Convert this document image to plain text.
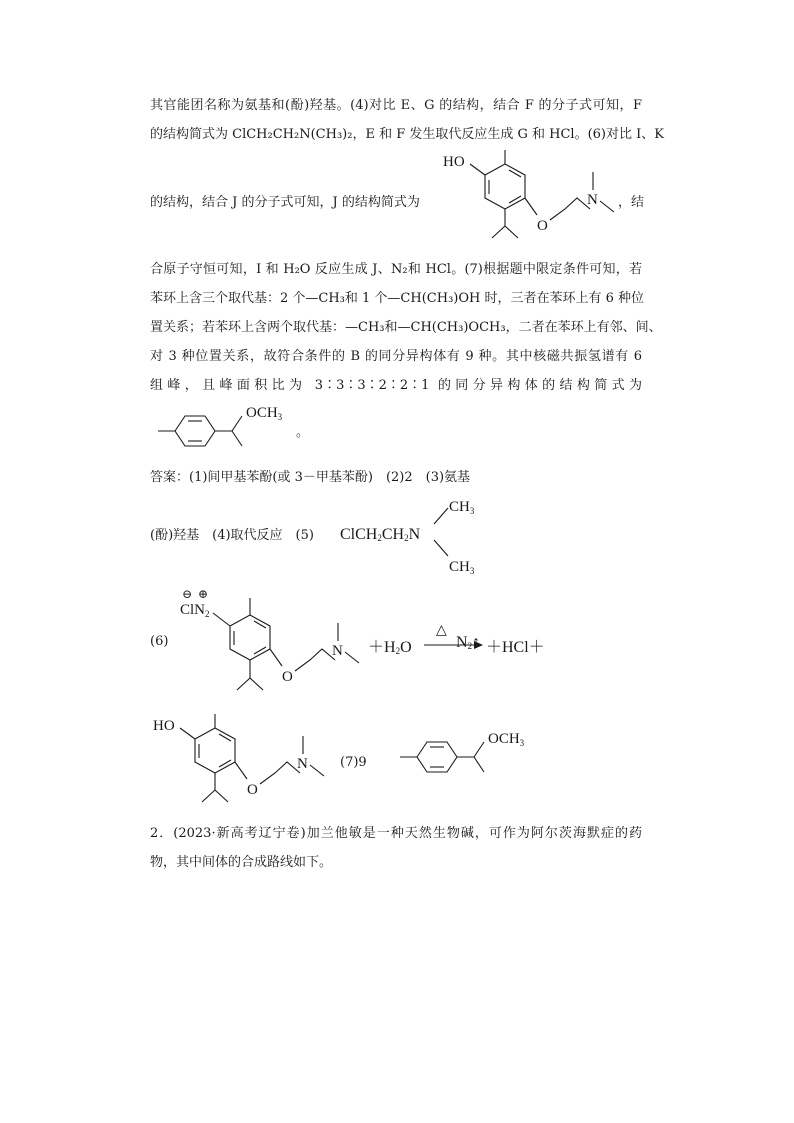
其官能团名称为氨基和(酚)羟基。(4)对比 E、G 的结构，结合 F 的分子式可知，F
的结构简式为 ClCH₂CH₂N(CH₃)₂，E 和 F 发生取代反应生成 G 和 HCl。(6)对比 I、K
的结构，结合 J 的分子式可知，J 的结构简式为	，结
HO
O
N
合原子守恒可知，I 和 H₂O 反应生成 J、N₂和 HCl。(7)根据题中限定条件可知，若
苯环上含三个取代基：2 个—CH₃和 1 个—CH(CH₃)OH 时，三者在苯环上有 6 种位
置关系；若苯环上含两个取代基：—CH₃和—CH(CH₃)OCH₃，二者在苯环上有邻、间、
对 3 种位置关系，故符合条件的 B 的同分异构体有 9 种。其中核磁共振氢谱有 6
组峰，且峰面积比为 3∶3∶3∶2∶2∶1 的同分异构体的结构简式为
$OCH_3$
。
答案：(1)间甲基苯酚(或 3－甲基苯酚)　(2)2　(3)氨基
(酚)羟基　(4)取代反应　(5) $ClCH_2CH_2N$
$CH_3$
$CH_3$
(6)
⊖ ⊕
ClN$_2$
O
$N +H_2O$
△
$N_2↑ +HCl+$
HO
O
N (7)9
$OCH_3$
2．(2023·新高考辽宁卷)加兰他敏是一种天然生物碱，可作为阿尔茨海默症的药
物，其中间体的合成路线如下。
